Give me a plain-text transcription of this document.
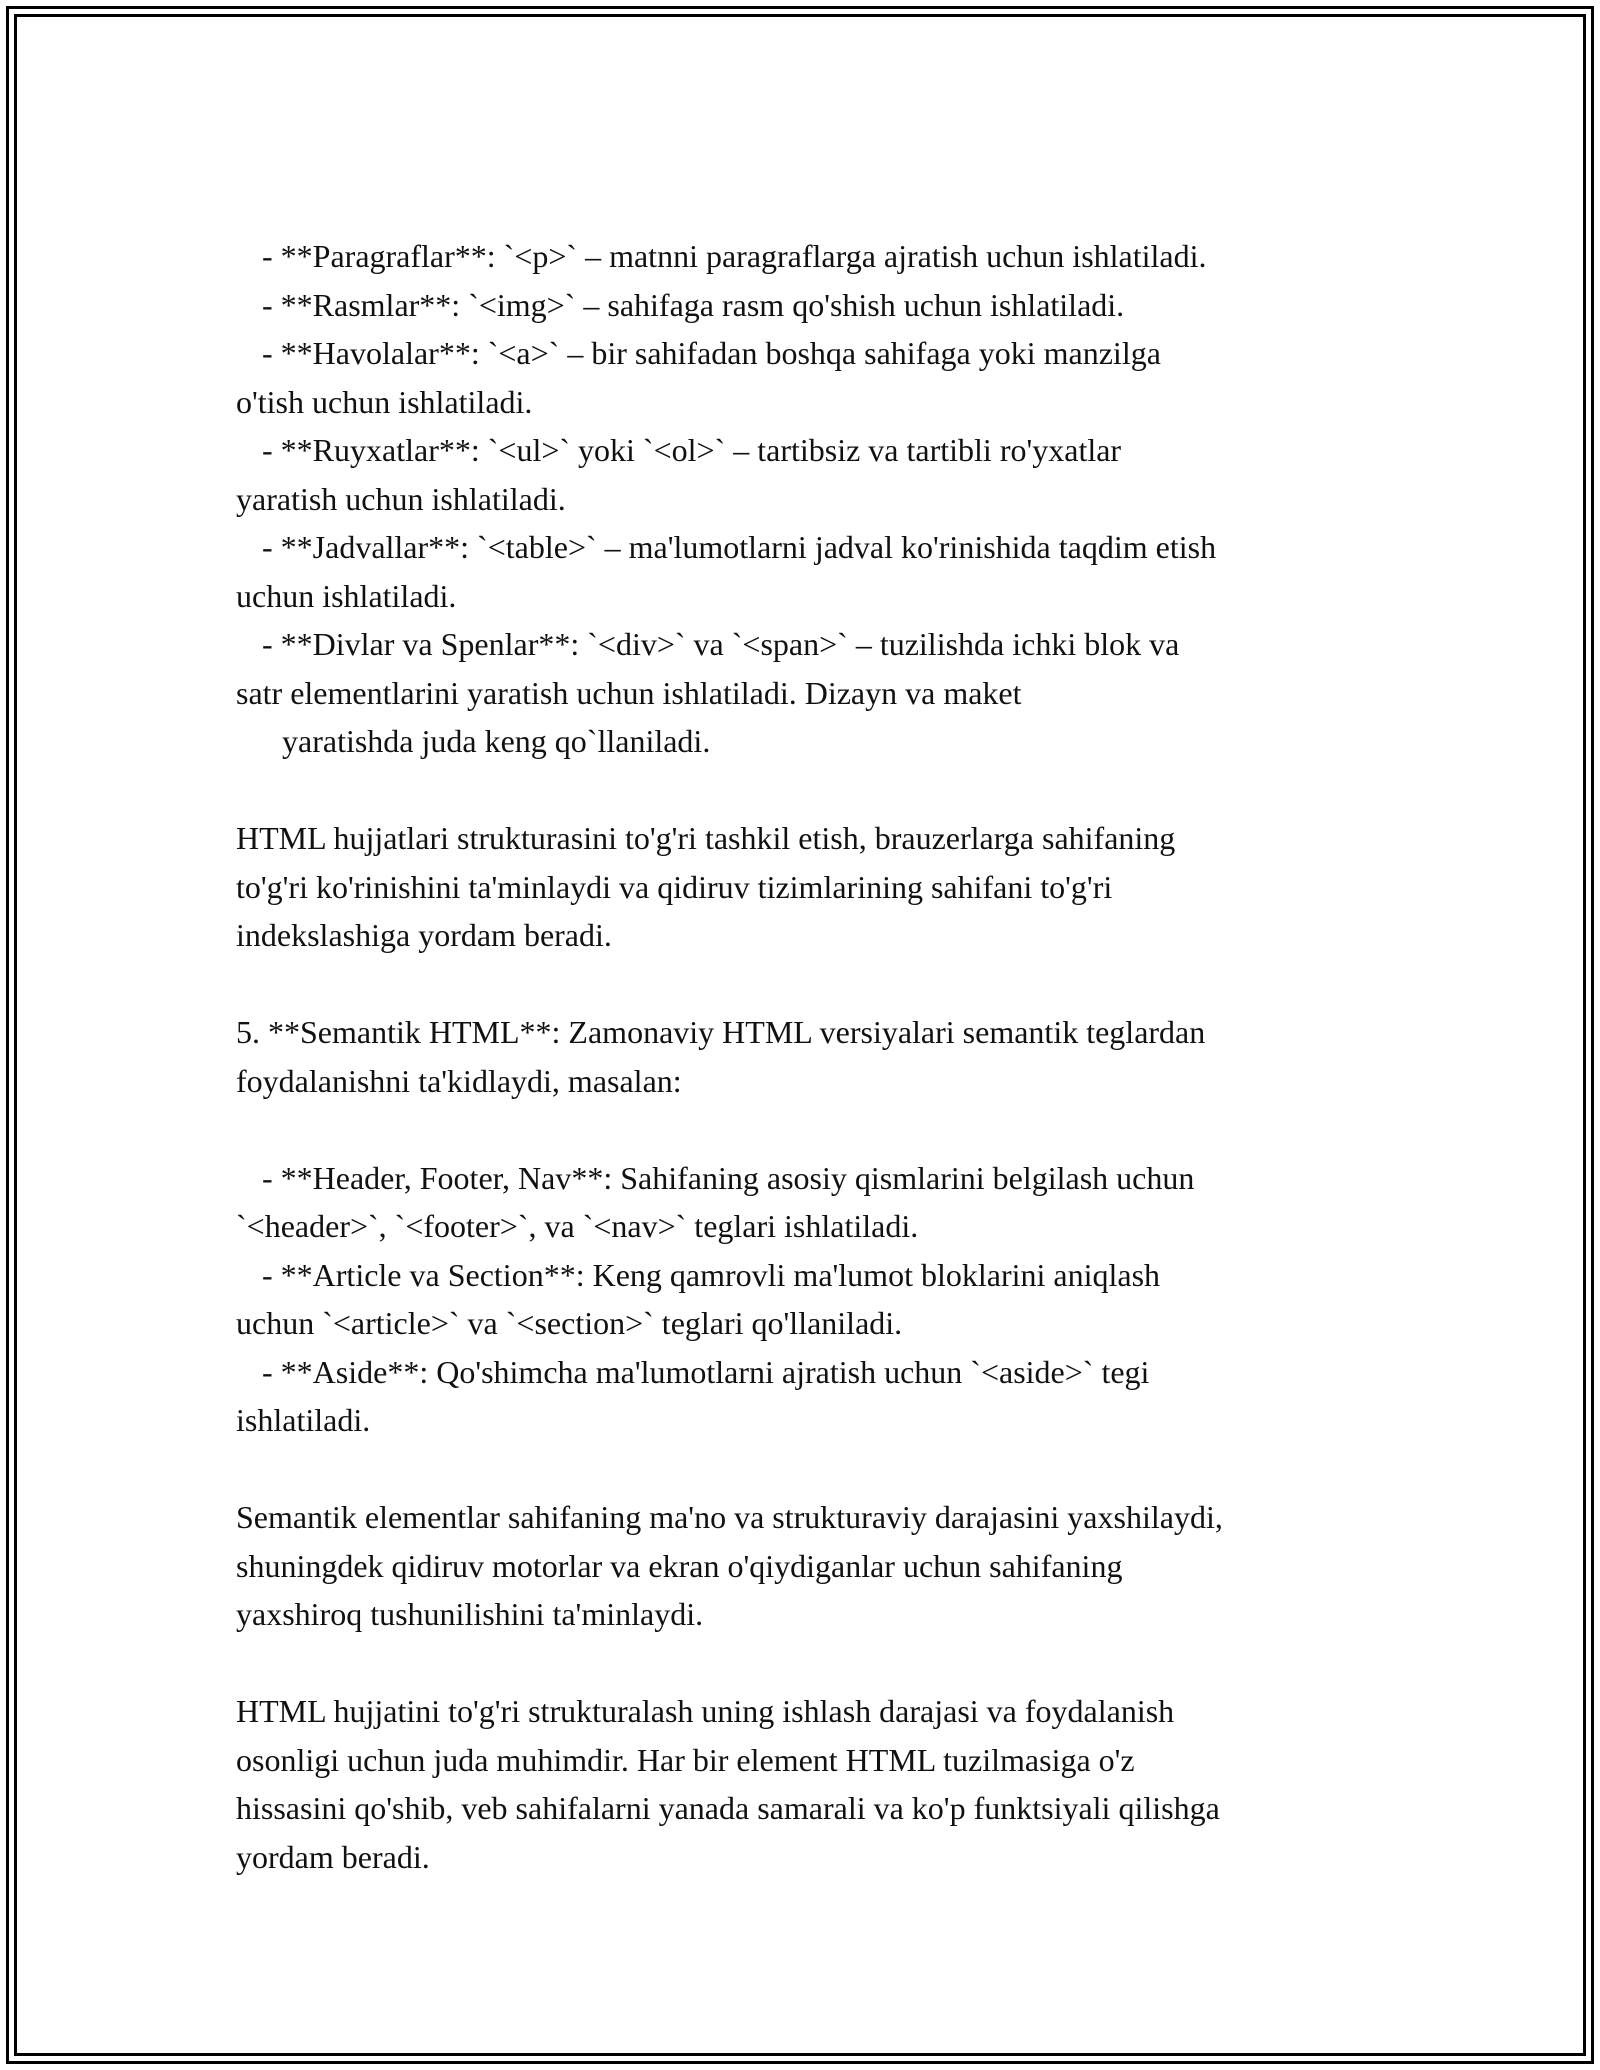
- **Paragraflar**: `<p>` – matnni paragraflarga ajratish uchun ishlatiladi.
- **Rasmlar**: `<img>` – sahifaga rasm qo'shish uchun ishlatiladi.
- **Havolalar**: `<a>` – bir sahifadan boshqa sahifaga yoki manzilga
o'tish uchun ishlatiladi.
- **Ruyxatlar**: `<ul>` yoki `<ol>` – tartibsiz va tartibli ro'yxatlar
yaratish uchun ishlatiladi.
- **Jadvallar**: `<table>` – ma'lumotlarni jadval ko'rinishida taqdim etish
uchun ishlatiladi.
- **Divlar va Spenlar**: `<div>` va `<span>` – tuzilishda ichki blok va
satr elementlarini yaratish uchun ishlatiladi. Dizayn va maket
yaratishda juda keng qo`llaniladi.
HTML hujjatlari strukturasini to'g'ri tashkil etish, brauzerlarga sahifaning
to'g'ri ko'rinishini ta'minlaydi va qidiruv tizimlarining sahifani to'g'ri
indekslashiga yordam beradi.
5. **Semantik HTML**: Zamonaviy HTML versiyalari semantik teglardan
foydalanishni ta'kidlaydi, masalan:
- **Header, Footer, Nav**: Sahifaning asosiy qismlarini belgilash uchun
`<header>`, `<footer>`, va `<nav>` teglari ishlatiladi.
- **Article va Section**: Keng qamrovli ma'lumot bloklarini aniqlash
uchun `<article>` va `<section>` teglari qo'llaniladi.
- **Aside**: Qo'shimcha ma'lumotlarni ajratish uchun `<aside>` tegi
ishlatiladi.
Semantik elementlar sahifaning ma'no va strukturaviy darajasini yaxshilaydi,
shuningdek qidiruv motorlar va ekran o'qiydiganlar uchun sahifaning
yaxshiroq tushunilishini ta'minlaydi.
HTML hujjatini to'g'ri strukturalash uning ishlash darajasi va foydalanish
osonligi uchun juda muhimdir. Har bir element HTML tuzilmasiga o'z
hissasini qo'shib, veb sahifalarni yanada samarali va ko'p funktsiyali qilishga
yordam beradi.
